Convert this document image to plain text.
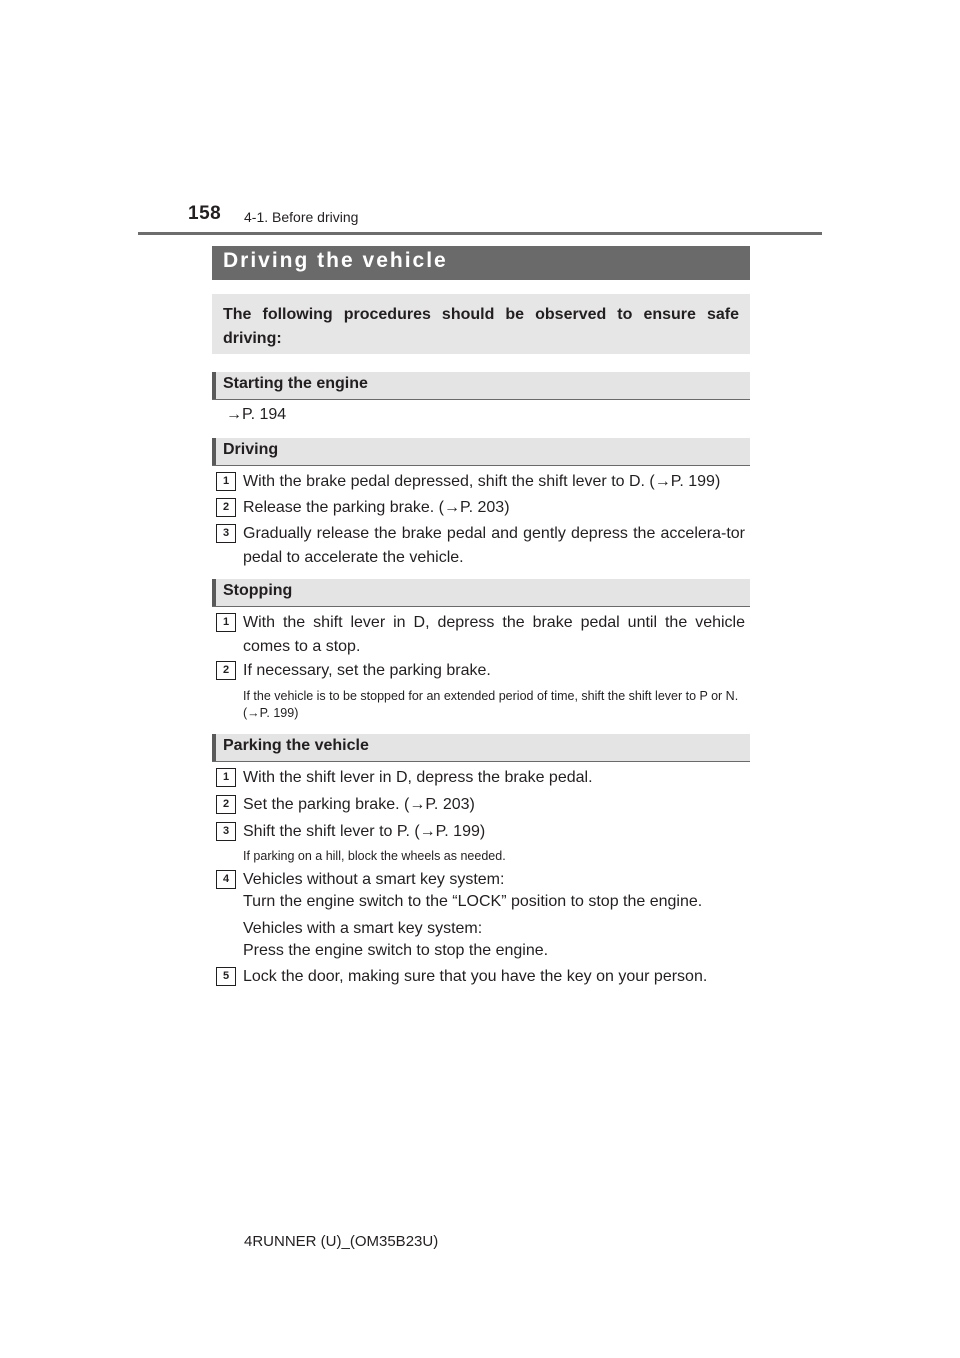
158 4-1. Before driving
Driving the vehicle

The following procedures should be observed to ensure safe driving:

Starting the engine
→P. 194
Driving
1 With the brake pedal depressed, shift the shift lever to D. (→P. 199)
2 Release the parking brake. (→P. 203)
3 Gradually release the brake pedal and gently depress the accelera-tor pedal to accelerate the vehicle.
Stopping
1 With the shift lever in D, depress the brake pedal until the vehicle comes to a stop.
2 If necessary, set the parking brake.
If the vehicle is to be stopped for an extended period of time, shift the shift lever to P or N. (→P. 199)
Parking the vehicle
1 With the shift lever in D, depress the brake pedal.
2 Set the parking brake. (→P. 203)
3 Shift the shift lever to P. (→P. 199)
If parking on a hill, block the wheels as needed.
4 Vehicles without a smart key system:
Turn the engine switch to the “LOCK” position to stop the engine.
Vehicles with a smart key system:
Press the engine switch to stop the engine.
5 Lock the door, making sure that you have the key on your person.
4RUNNER (U)_(OM35B23U)
